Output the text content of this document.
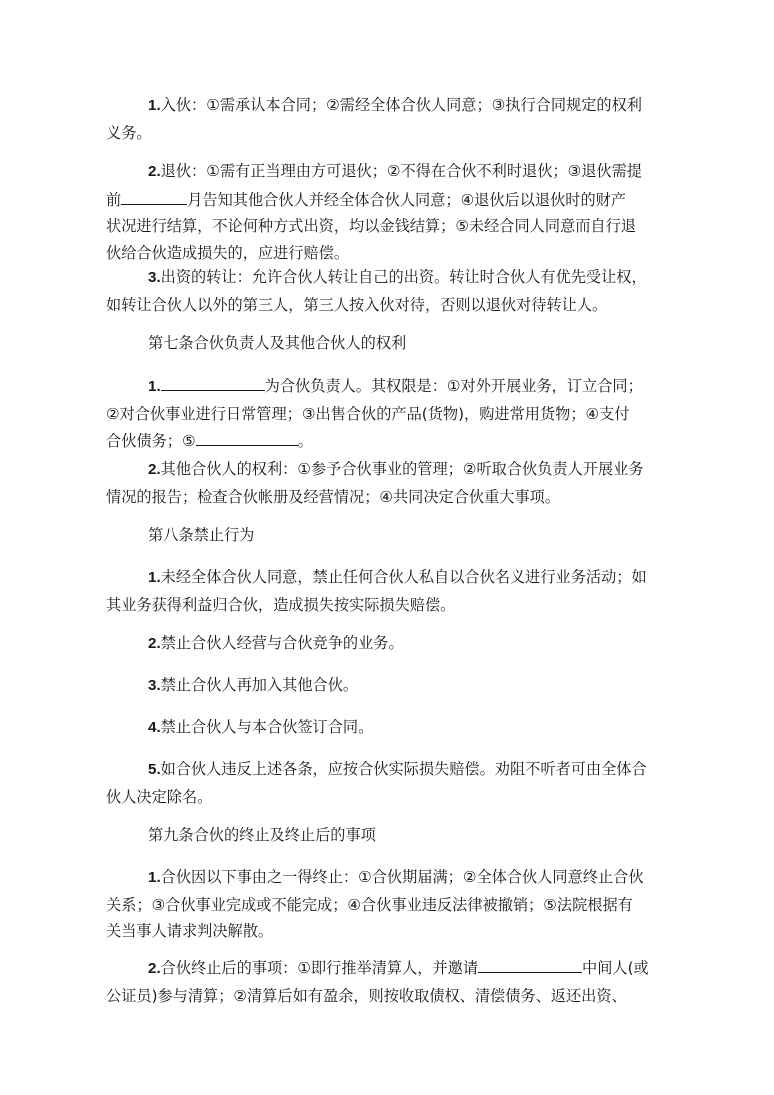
1.入伙：①需承认本合同；②需经全体合伙人同意；③执行合同规定的权利
义务。

2.退伙：①需有正当理由方可退伙；②不得在合伙不利时退伙；③退伙需提
前	月告知其他合伙人并经全体合伙人同意；④退伙后以退伙时的财产
状况进行结算，不论何种方式出资，均以金钱结算；⑤未经合同人同意而自行退
伙给合伙造成损失的，应进行赔偿。

3.出资的转让：允许合伙人转让自己的出资。转让时合伙人有优先受让权，
如转让合伙人以外的第三人，第三人按入伙对待，否则以退伙对待转让人。

第七条合伙负责人及其他合伙人的权利

1.	为合伙负责人。其权限是：①对外开展业务，订立合同；
②对合伙事业进行日常管理；③出售合伙的产品(货物)，购进常用货物；④支付
合伙债务；⑤	。

2.其他合伙人的权利：①参予合伙事业的管理；②听取合伙负责人开展业务
情况的报告；检查合伙帐册及经营情况；④共同决定合伙重大事项。

第八条禁止行为

1.未经全体合伙人同意，禁止任何合伙人私自以合伙名义进行业务活动；如
其业务获得利益归合伙，造成损失按实际损失赔偿。

2.禁止合伙人经营与合伙竞争的业务。

3.禁止合伙人再加入其他合伙。

4.禁止合伙人与本合伙签订合同。

5.如合伙人违反上述各条，应按合伙实际损失赔偿。劝阻不听者可由全体合
伙人决定除名。

第九条合伙的终止及终止后的事项

1.合伙因以下事由之一得终止：①合伙期届满；②全体合伙人同意终止合伙
关系；③合伙事业完成或不能完成；④合伙事业违反法律被撤销；⑤法院根据有
关当事人请求判决解散。

2.合伙终止后的事项：①即行推举清算人，并邀请	中间人(或
公证员)参与清算；②清算后如有盈余，则按收取债权、清偿债务、返还出资、
